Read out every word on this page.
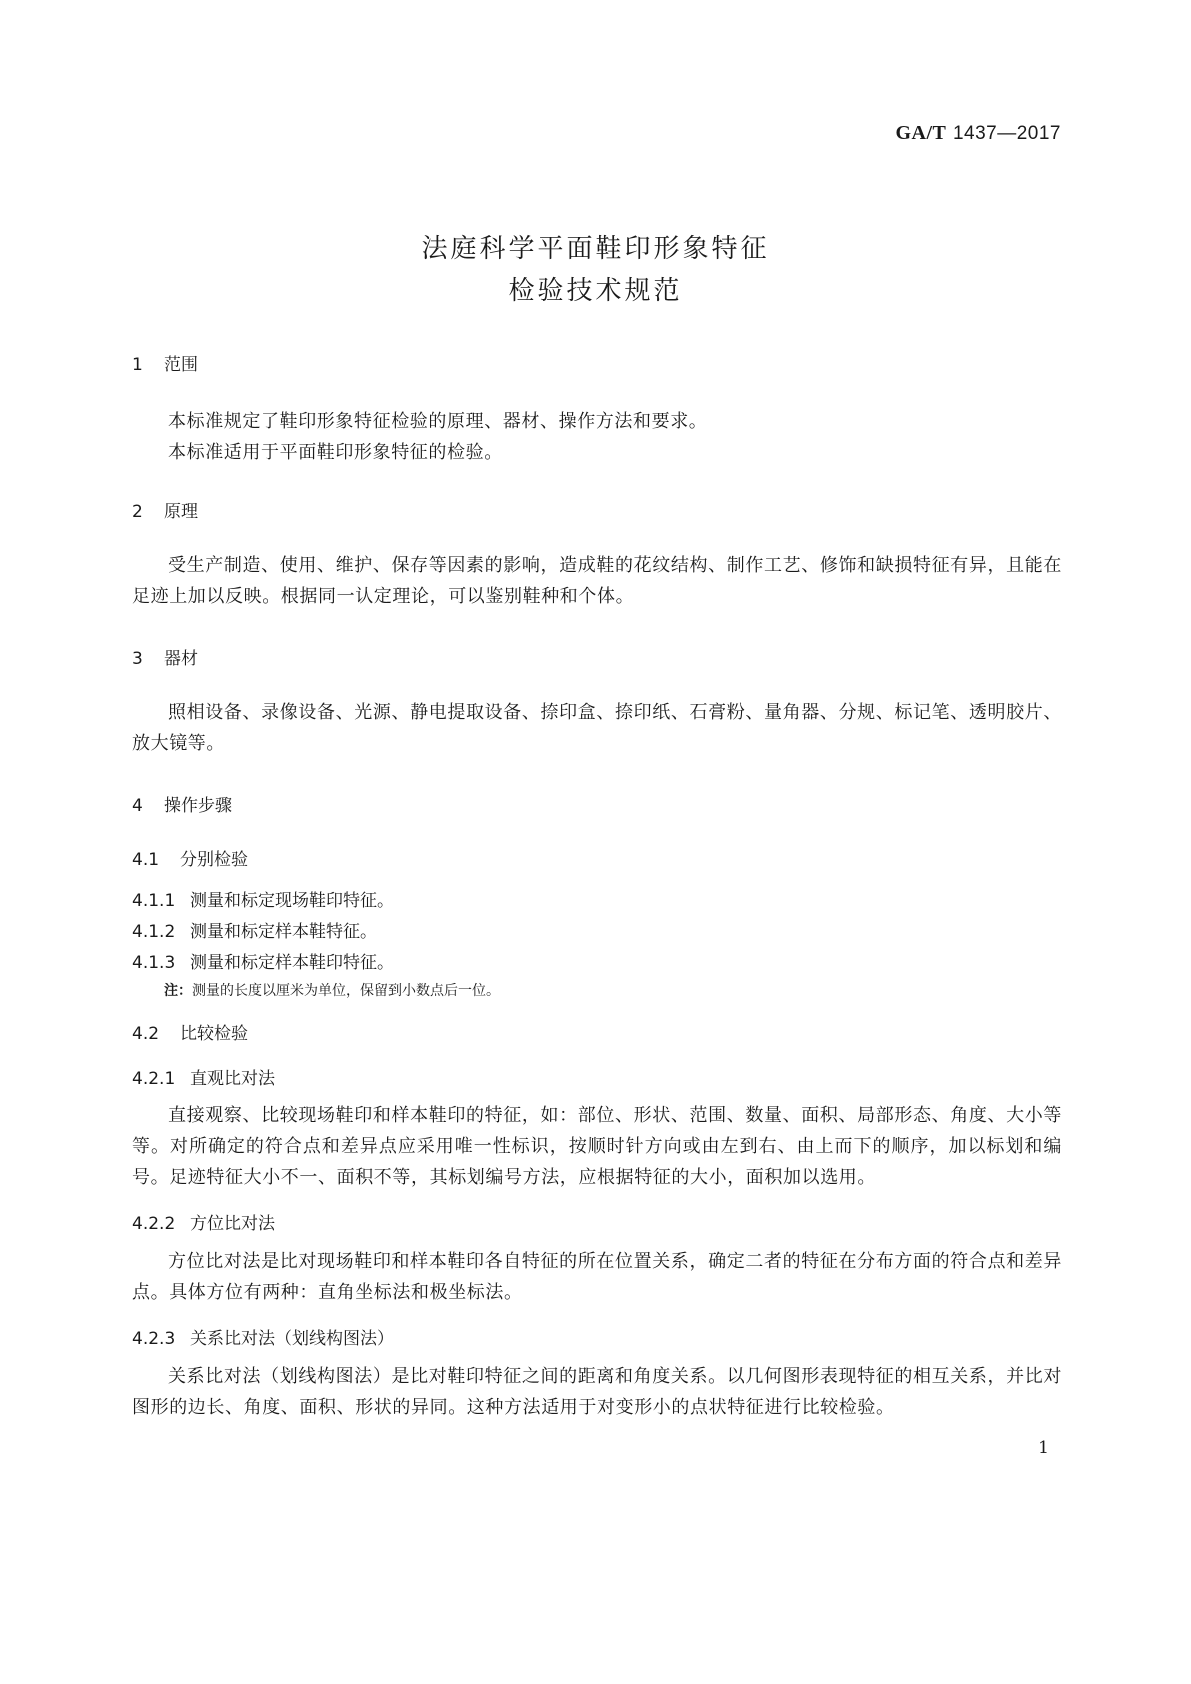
GA/T 1437—2017
法庭科学平面鞋印形象特征
检验技术规范
1 范围
本标准规定了鞋印形象特征检验的原理、器材、操作方法和要求。
本标准适用于平面鞋印形象特征的检验。
2 原理
受生产制造、使用、维护、保存等因素的影响，造成鞋的花纹结构、制作工艺、修饰和缺损特征有异，且能在足迹上加以反映。根据同一认定理论，可以鉴别鞋种和个体。
3 器材
照相设备、录像设备、光源、静电提取设备、捺印盒、捺印纸、石膏粉、量角器、分规、标记笔、透明胶片、放大镜等。
4 操作步骤
4.1 分别检验
4.1.1 测量和标定现场鞋印特征。
4.1.2 测量和标定样本鞋特征。
4.1.3 测量和标定样本鞋印特征。
注：测量的长度以厘米为单位，保留到小数点后一位。
4.2 比较检验
4.2.1 直观比对法
直接观察、比较现场鞋印和样本鞋印的特征，如：部位、形状、范围、数量、面积、局部形态、角度、大小等等。对所确定的符合点和差异点应采用唯一性标识，按顺时针方向或由左到右、由上而下的顺序，加以标划和编号。足迹特征大小不一、面积不等，其标划编号方法，应根据特征的大小，面积加以选用。
4.2.2 方位比对法
方位比对法是比对现场鞋印和样本鞋印各自特征的所在位置关系，确定二者的特征在分布方面的符合点和差异点。具体方位有两种：直角坐标法和极坐标法。
4.2.3 关系比对法（划线构图法）
关系比对法（划线构图法）是比对鞋印特征之间的距离和角度关系。以几何图形表现特征的相互关系，并比对图形的边长、角度、面积、形状的异同。这种方法适用于对变形小的点状特征进行比较检验。
1
